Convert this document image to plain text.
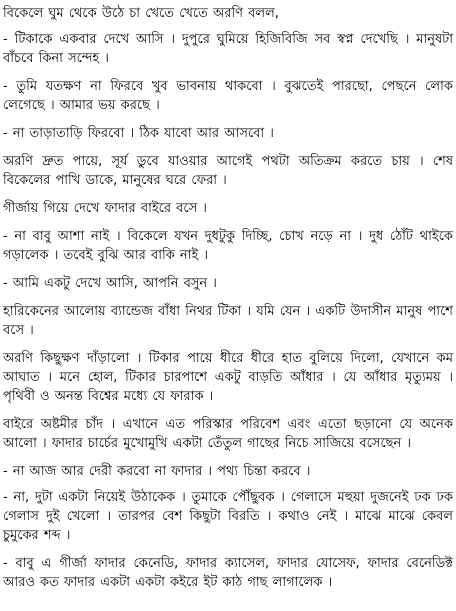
বিকেলে ঘুম থেকে উঠে চা খেতে খেতে অরণি বলল,

- টিকাকে একবার দেখে আসি । দুপুরে ঘুমিয়ে হিজিবিজি সব স্বপ্ন দেখেছি । মানুষটা বাঁচবে কিনা সন্দেহ ।

- তুমি যতক্ষণ না ফিরবে খুব ভাবনায় থাকবো । বুঝতেই পারছো, পেছনে লোক লেগেছে । আমার ভয় করছে ।

- না তাড়াতাড়ি ফিরবো । ঠিক যাবো আর আসবো ।

অরণি দ্রুত পায়ে, সূর্য ডুবে যাওয়ার আগেই পথটা অতিক্রম করতে চায় । শেষ বিকেলের পাখি ডাকে, মানুষের ঘরে ফেরা ।

গীর্জায় গিয়ে দেখে ফাদার বাইরে বসে ।

- না বাবু আশা নাই । বিকেলে যখন দুধটুকু দিচ্ছি, চোখ নড়ে না । দুধ ঠোঁট থাইকে গড়ালেক । তবেই বুঝি আর বাকি নাই ।

- আমি একটু দেখে আসি, আপনি বসুন ।

হারিকেনের আলোয় ব্যান্ডেজ বাঁধা নিথর টিকা । যমি যেন । একটি উদাসীন মানুষ পাশে বসে ।

অরণি কিছুক্ষণ দাঁড়ালো । টিকার পায়ে ধীরে ধীরে হাত বুলিয়ে দিলো, যেখানে কম আঘাত । মনে হোল, টিকার চারপাশে একটু বাড়তি আঁধার । যে আঁধার মৃত্যুময় । পৃথিবী ও অনন্ত বিশ্বের মধ্যে যে ফারাক ।

বাইরে অষ্টমীর চাঁদ । এখানে এত পরিস্কার পরিবেশ এবং এতো ছড়ানো যে অনেক আলো । ফাদার চার্চের মুখোমুখি একটা তেঁতুল গাছের নিচে সাজিয়ে বসেছেন ।

- না আজ আর দেরী করবো না ফাদার । পথ্য চিন্তা করবে ।

- না, দুটা একটা নিয়েই উঠাকেক । তুমাকে পৌঁছুবক । গেলাসে মহুয়া দুজনেই ঢক ঢক গেলাস দুই খেলো । তারপর বেশ কিছুটা বিরতি । কথাও নেই । মাঝে মাঝে কেবল চুমুকের শব্দ ।

- বাবু এ গীর্জা ফাদার কেনেডি, ফাদার ক্যাসেল, ফাদার যোসেফ, ফাদার বেনেডিক্ট আরও কত ফাদার একটা একটা কইরে ইট কাঠ গাছ লাগালেক ।
